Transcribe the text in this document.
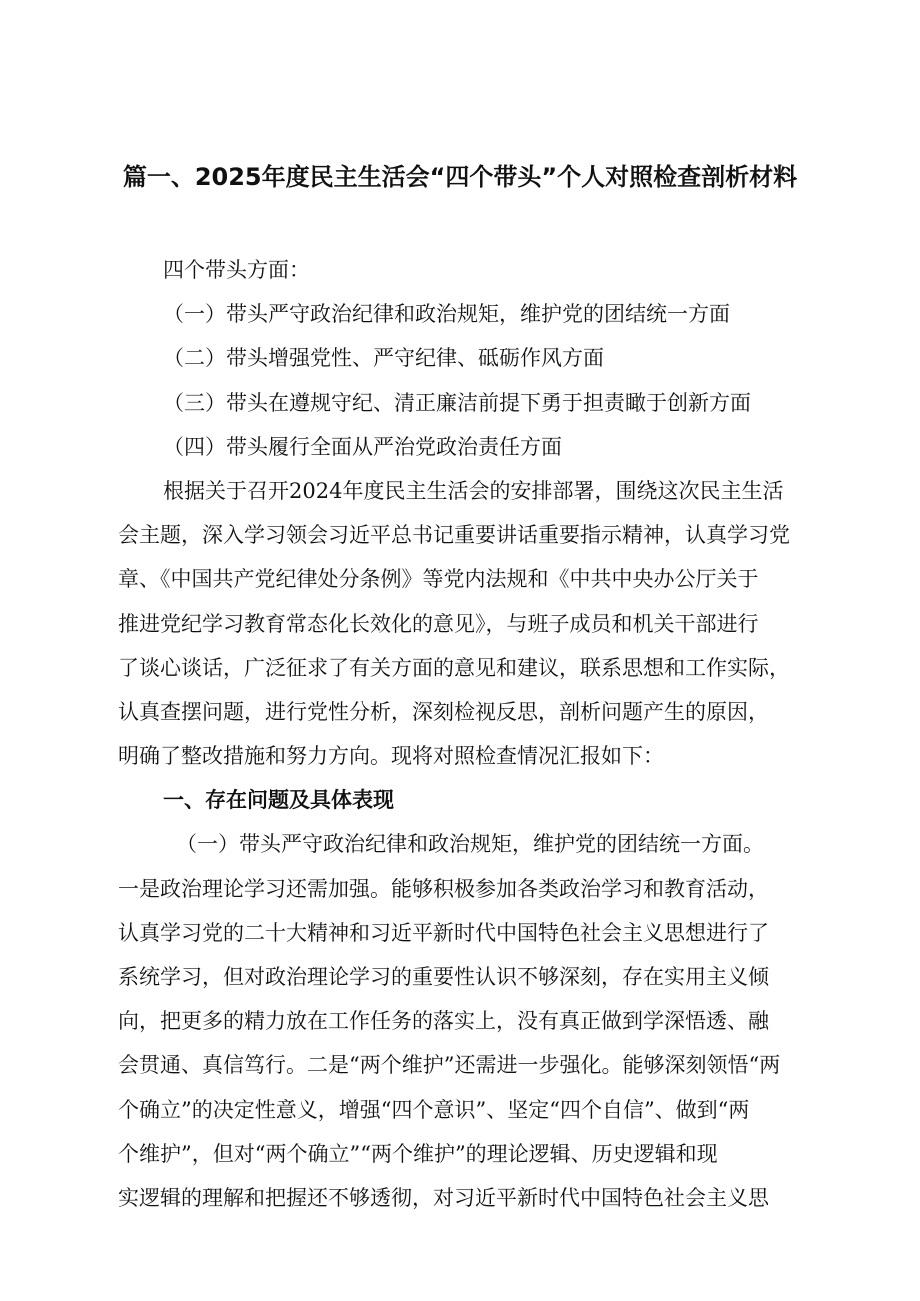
篇一、2025年度民主生活会“四个带头”个人对照检查剖析材料
四个带头方面：
（一）带头严守政治纪律和政治规矩，维护党的团结统一方面
（二）带头增强党性、严守纪律、砥砺作风方面
（三）带头在遵规守纪、清正廉洁前提下勇于担责瞰于创新方面
（四）带头履行全面从严治党政治责任方面
根据关于召开2024年度民主生活会的安排部署，围绕这次民主生活
会主题，深入学习领会习近平总书记重要讲话重要指示精神，认真学习党
章、《中国共产党纪律处分条例》等党内法规和《中共中央办公厅关于
推进党纪学习教育常态化长效化的意见》，与班子成员和机关干部进行
了谈心谈话，广泛征求了有关方面的意见和建议，联系思想和工作实际，
认真查摆问题，进行党性分析，深刻检视反思，剖析问题产生的原因，
明确了整改措施和努力方向。现将对照检查情况汇报如下：
一、存在问题及具体表现
（一）带头严守政治纪律和政治规矩，维护党的团结统一方面。
一是政治理论学习还需加强。能够积极参加各类政治学习和教育活动，
认真学习党的二十大精神和习近平新时代中国特色社会主义思想进行了
系统学习，但对政治理论学习的重要性认识不够深刻，存在实用主义倾
向，把更多的精力放在工作任务的落实上，没有真正做到学深悟透、融
会贯通、真信笃行。二是“两个维护”还需进一步强化。能够深刻领悟“两
个确立”的决定性意义，增强“四个意识”、坚定“四个自信”、做到“两
个维护”，但对“两个确立”“两个维护”的理论逻辑、历史逻辑和现
实逻辑的理解和把握还不够透彻，对习近平新时代中国特色社会主义思
